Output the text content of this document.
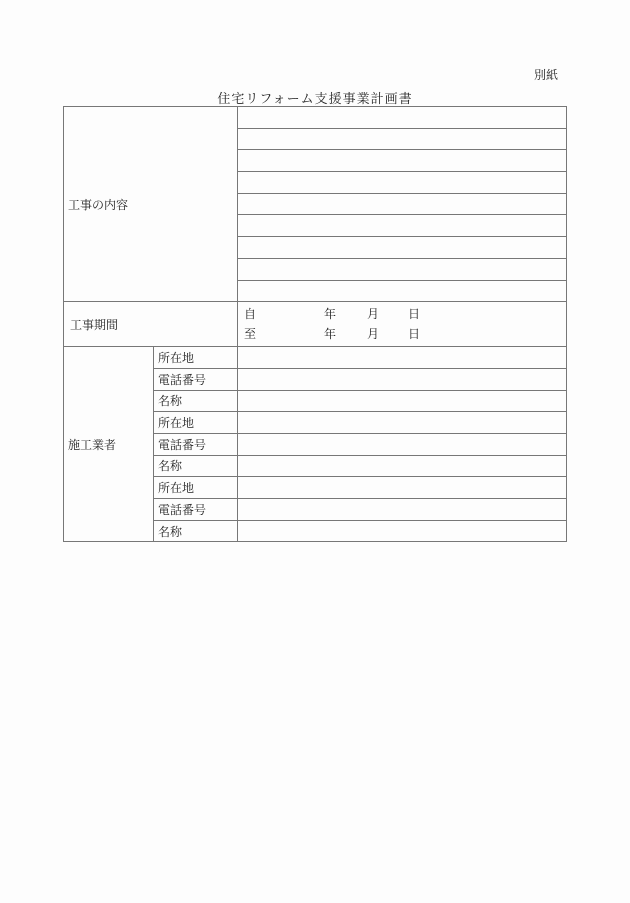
別紙
住宅リフォーム支援事業計画書
工事の内容		

工事期間	
自	年	月	日
至	年	月	日

施工業者	所在地	
	電話番号	
	名称	
	所在地	
	電話番号	
	名称	
	所在地	
	電話番号	
	名称	
